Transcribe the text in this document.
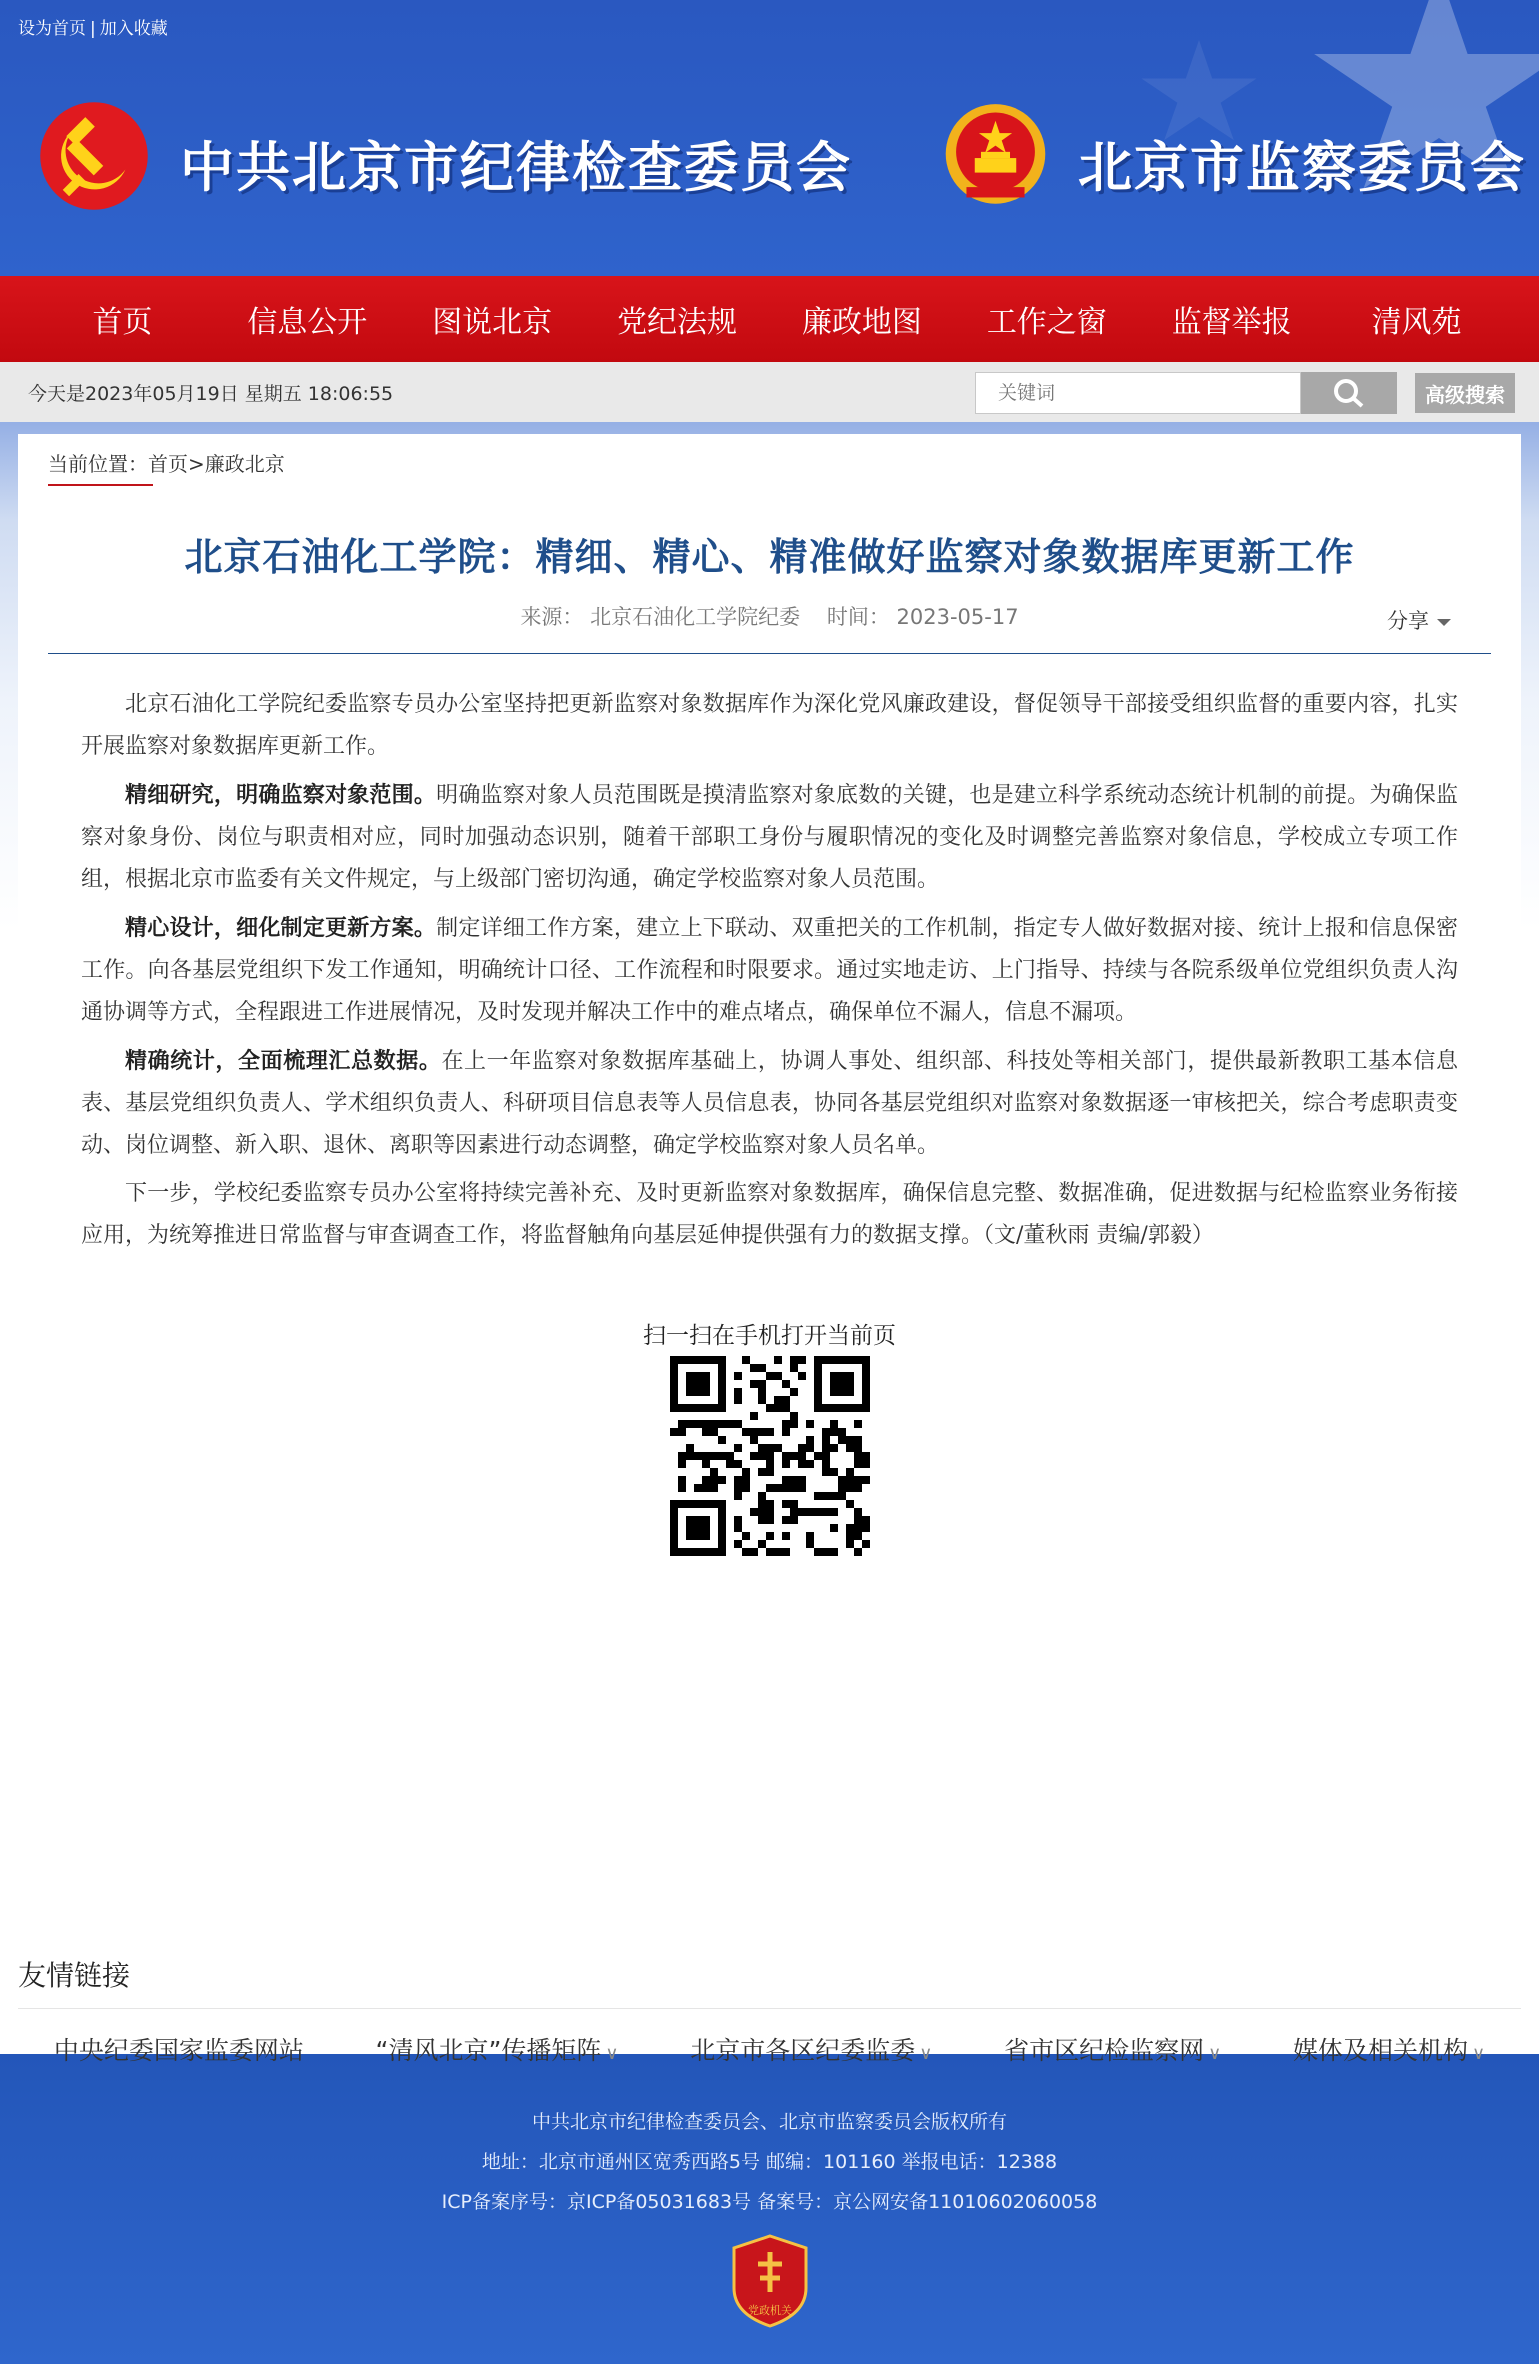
设为首页 | 加入收藏
中共北京市纪律检查委员会	北京市监察委员会
首页	信息公开	图说北京	党纪法规	廉政地图	工作之窗	监督举报	清风苑
今天是2023年05月19日 星期五 18:06:55
关键词	高级搜索
当前位置：首页>廉政北京
北京石油化工学院：精细、精心、精准做好监察对象数据库更新工作
来源： 北京石油化工学院纪委 时间： 2023-05-17	分享

北京石油化工学院纪委监察专员办公室坚持把更新监察对象数据库作为深化党风廉政建设，督促领导干部接受组织监督的重要内容，扎实开展监察对象数据库更新工作。

精细研究，明确监察对象范围。明确监察对象人员范围既是摸清监察对象底数的关键，也是建立科学系统动态统计机制的前提。为确保监察对象身份、岗位与职责相对应，同时加强动态识别，随着干部职工身份与履职情况的变化及时调整完善监察对象信息，学校成立专项工作组，根据北京市监委有关文件规定，与上级部门密切沟通，确定学校监察对象人员范围。

精心设计，细化制定更新方案。制定详细工作方案，建立上下联动、双重把关的工作机制，指定专人做好数据对接、统计上报和信息保密工作。向各基层党组织下发工作通知，明确统计口径、工作流程和时限要求。通过实地走访、上门指导、持续与各院系级单位党组织负责人沟通协调等方式，全程跟进工作进展情况，及时发现并解决工作中的难点堵点，确保单位不漏人，信息不漏项。

精确统计，全面梳理汇总数据。在上一年监察对象数据库基础上，协调人事处、组织部、科技处等相关部门，提供最新教职工基本信息表、基层党组织负责人、学术组织负责人、科研项目信息表等人员信息表，协同各基层党组织对监察对象数据逐一审核把关，综合考虑职责变动、岗位调整、新入职、退休、离职等因素进行动态调整，确定学校监察对象人员名单。

下一步，学校纪委监察专员办公室将持续完善补充、及时更新监察对象数据库，确保信息完整、数据准确，促进数据与纪检监察业务衔接应用，为统筹推进日常监督与审查调查工作，将监督触角向基层延伸提供强有力的数据支撑。（文/董秋雨 责编/郭毅）

扫一扫在手机打开当前页
友情链接
中央纪委国家监委网站	“清风北京”传播矩阵 ∨	北京市各区纪委监委 ∨	省市区纪检监察网 ∨	媒体及相关机构 ∨
中共北京市纪律检查委员会、北京市监察委员会版权所有
地址：北京市通州区宽秀西路5号 邮编：101160 举报电话：12388
ICP备案序号：京ICP备05031683号 备案号：京公网安备11010602060058
党政机关
